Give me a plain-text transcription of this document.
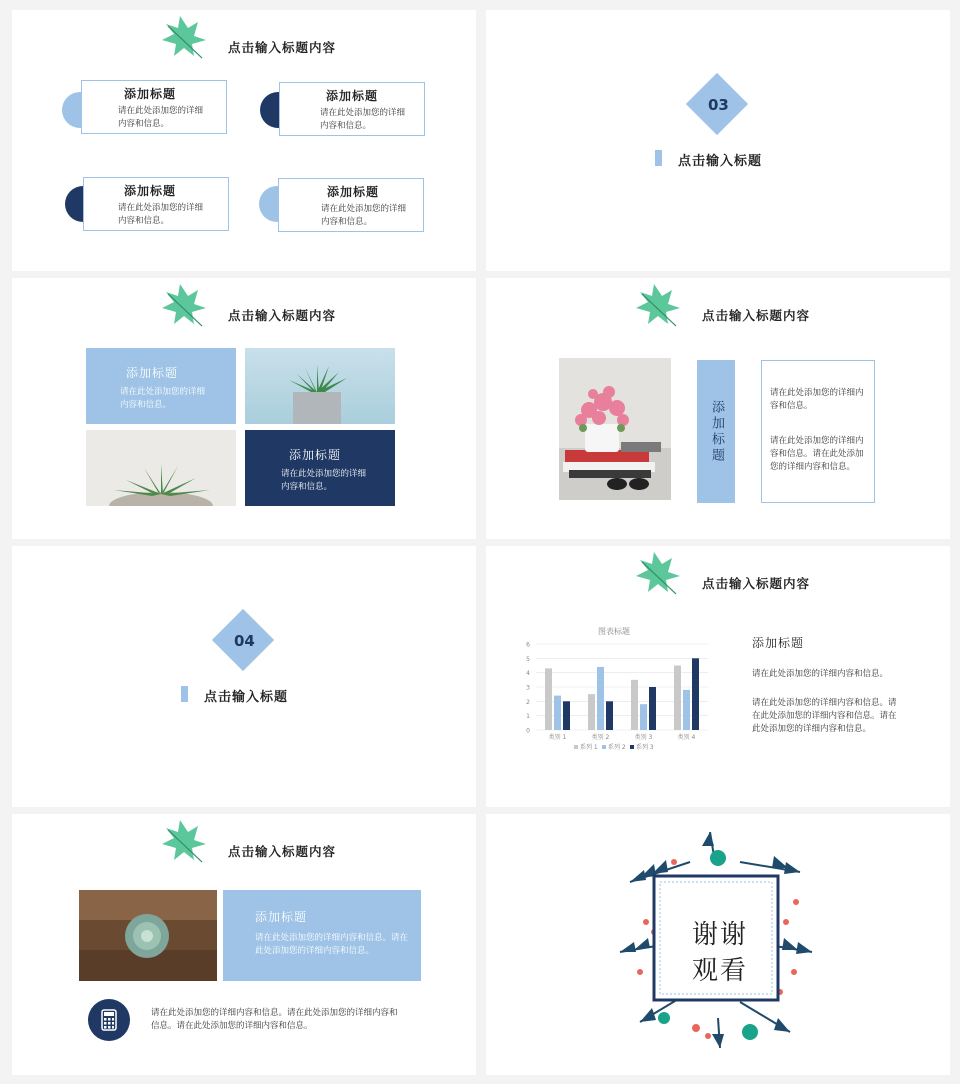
点击输入标题内容
添加标题
请在此处添加您的详细内容和信息。
添加标题
请在此处添加您的详细内容和信息。
添加标题
请在此处添加您的详细内容和信息。
添加标题
请在此处添加您的详细内容和信息。
03
点击输入标题
点击输入标题内容
添加标题
请在此处添加您的详细内容和信息。
添加标题
请在此处添加您的详细内容和信息。
点击输入标题内容
添加标题
请在此处添加您的详细内容和信息。
请在此处添加您的详细内容和信息。请在此处添加您的详细内容和信息。
04
点击输入标题
点击输入标题内容
图表标题
0
1
2
3
4
5
6
类别 1	类别 2	类别 3	类别 4
系列 1 系列 2 系列 3
添加标题
请在此处添加您的详细内容和信息。
请在此处添加您的详细内容和信息。请在此处添加您的详细内容和信息。请在此处添加您的详细内容和信息。
点击输入标题内容
添加标题
请在此处添加您的详细内容和信息。请在此处添加您的详细内容和信息。
请在此处添加您的详细内容和信息。请在此处添加您的详细内容和信息。请在此处添加您的详细内容和信息。
谢谢
观看
